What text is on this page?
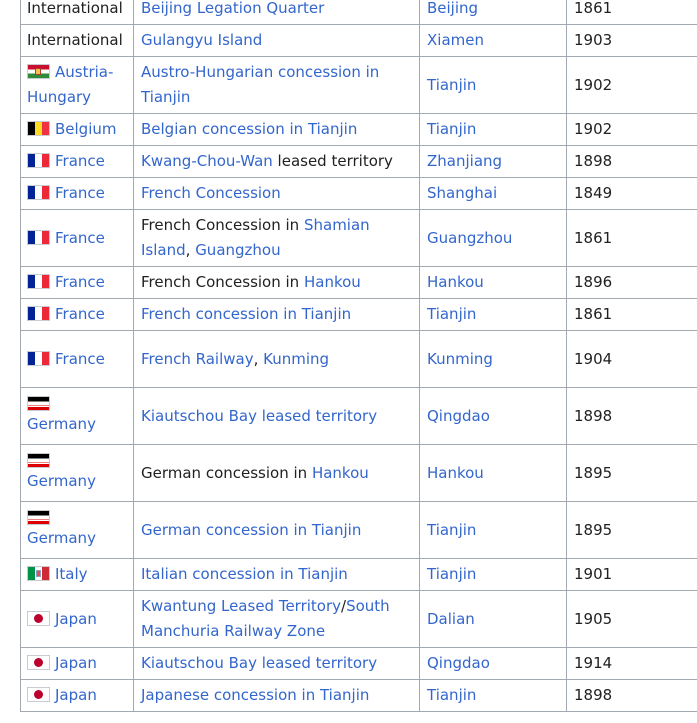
International	Beijing Legation Quarter	Beijing	1861
International	Gulangyu Island	Xiamen	1903
Austria-Hungary	Austro-Hungarian concession in Tianjin	Tianjin	1902
Belgium	Belgian concession in Tianjin	Tianjin	1902
France	Kwang-Chou-Wan leased territory	Zhanjiang	1898
France	French Concession	Shanghai	1849
France	French Concession in Shamian Island, Guangzhou	Guangzhou	1861
France	French Concession in Hankou	Hankou	1896
France	French concession in Tianjin	Tianjin	1861
France	French Railway, Kunming	Kunming	1904

Germany	Kiautschou Bay leased territory	Qingdao	1898

Germany	German concession in Hankou	Hankou	1895

Germany	German concession in Tianjin	Tianjin	1895
Italy	Italian concession in Tianjin	Tianjin	1901
Japan	Kwantung Leased Territory/South Manchuria Railway Zone	Dalian	1905
Japan	Kiautschou Bay leased territory	Qingdao	1914
Japan	Japanese concession in Tianjin	Tianjin	1898
